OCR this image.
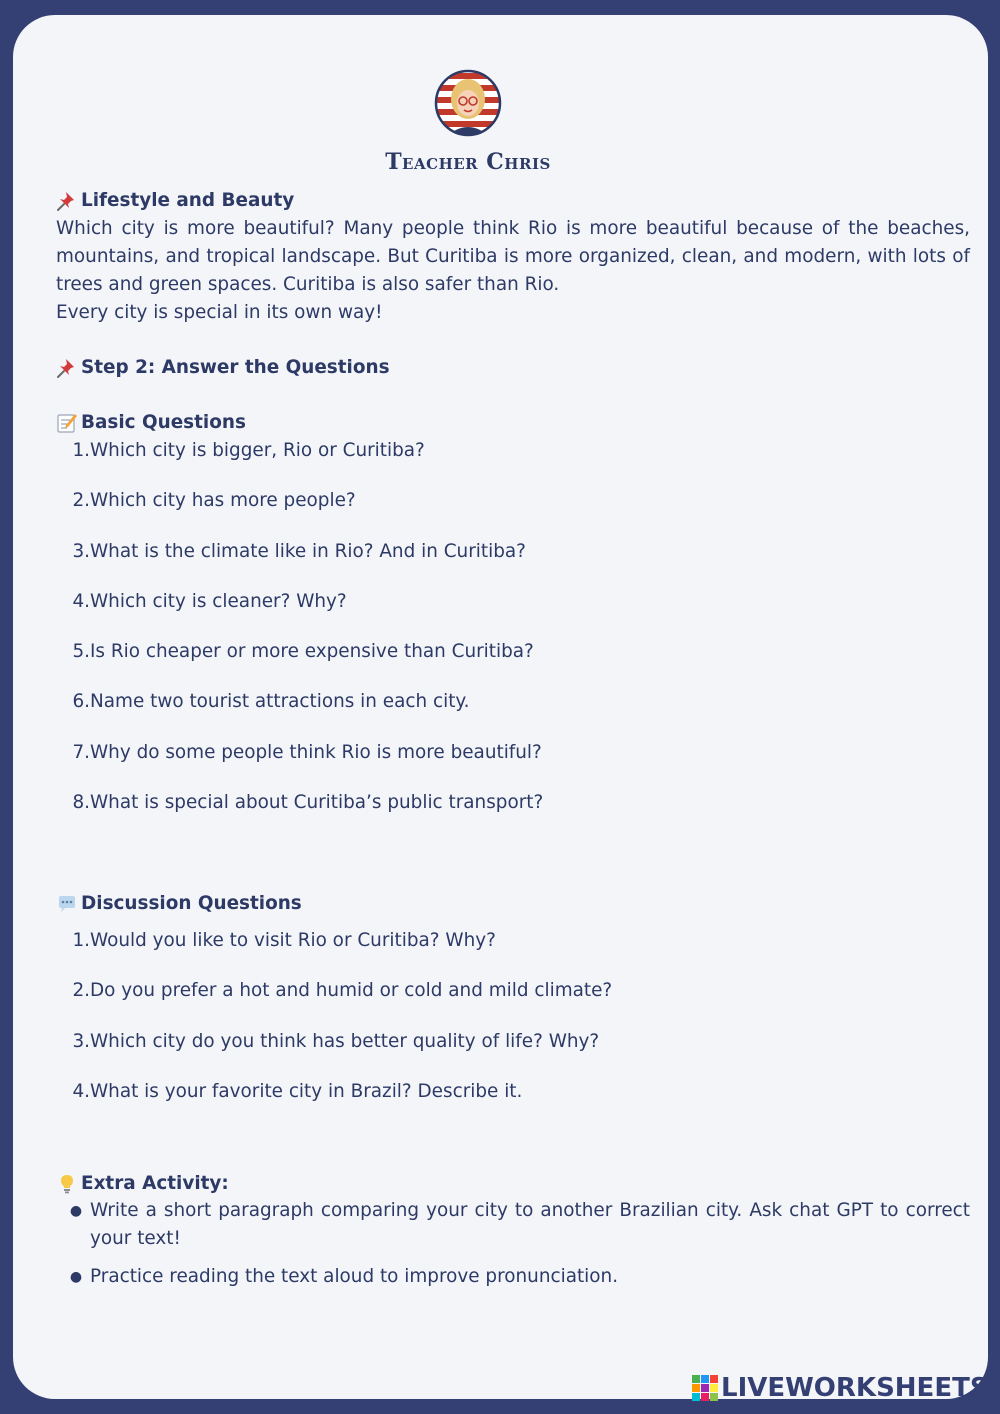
Teacher Chris
Lifestyle and Beauty

Which city is more beautiful? Many people think Rio is more beautiful because of the beaches, mountains, and tropical landscape. But Curitiba is more organized, clean, and modern, with lots of trees and green spaces. Curitiba is also safer than Rio.

Every city is special in its own way!

Step 2: Answer the Questions
Basic Questions
1. Which city is bigger, Rio or Curitiba?
2. Which city has more people?
3. What is the climate like in Rio? And in Curitiba?
4. Which city is cleaner? Why?
5. Is Rio cheaper or more expensive than Curitiba?
6. Name two tourist attractions in each city.
7. Why do some people think Rio is more beautiful?
8. What is special about Curitiba’s public transport?
Discussion Questions
1. Would you like to visit Rio or Curitiba? Why?
2. Do you prefer a hot and humid or cold and mild climate?
3. Which city do you think has better quality of life? Why?
4. What is your favorite city in Brazil? Describe it.
Extra Activity:
● Write a short paragraph comparing your city to another Brazilian city. Ask chat GPT to correct your text!
● Practice reading the text aloud to improve pronunciation.
LIVEWORKSHEETS
